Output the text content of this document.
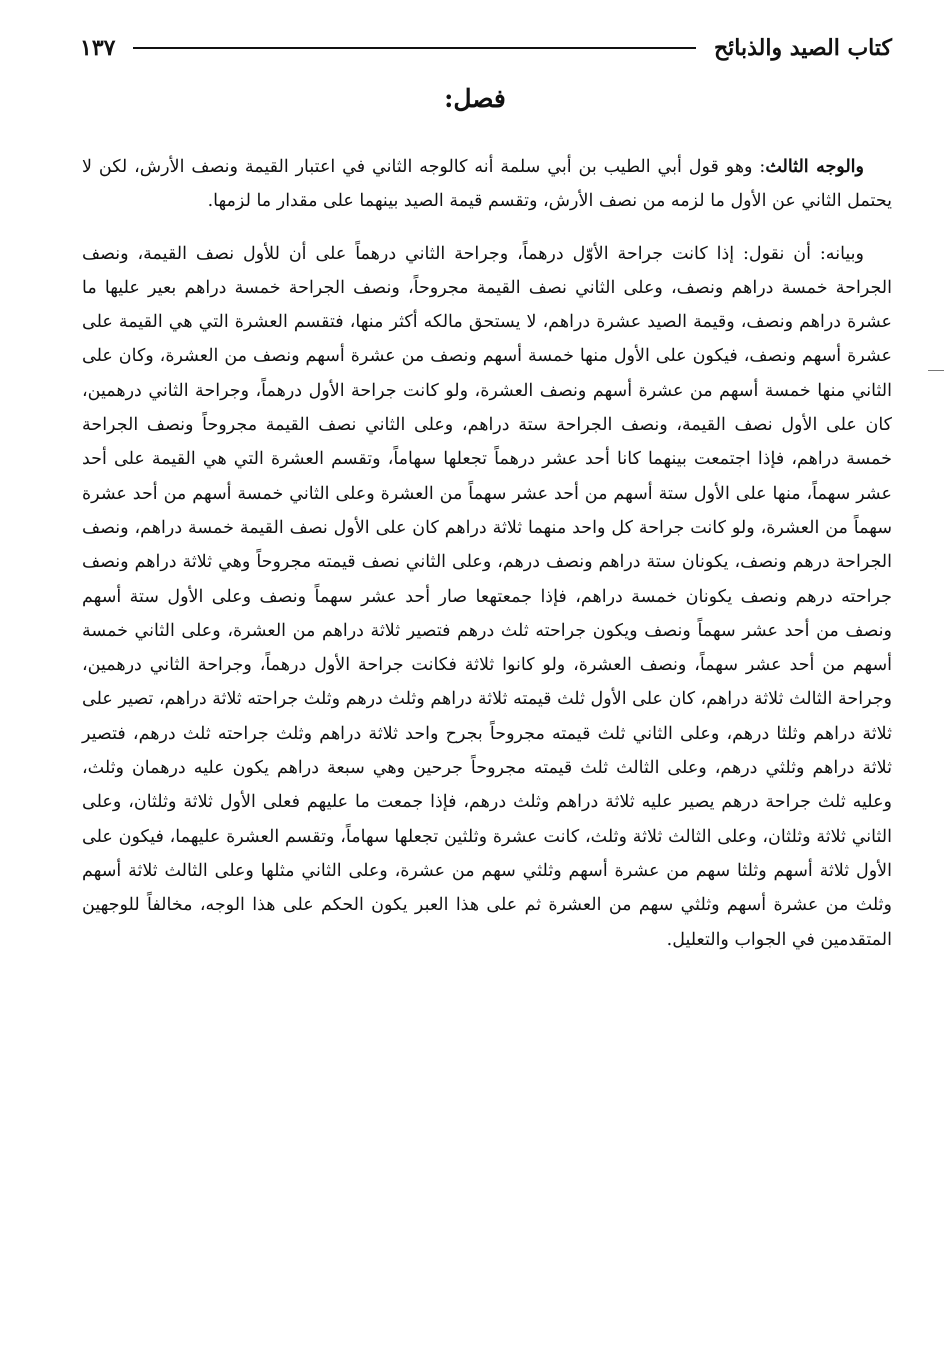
كتاب الصيد والذبائح
١٣٧
فصل:

والوجه الثالث: وهو قول أبي الطيب بن أبي سلمة أنه كالوجه الثاني في اعتبار القيمة ونصف الأرش، لكن لا يحتمل الثاني عن الأول ما لزمه من نصف الأرش، وتقسم قيمة الصيد بينهما على مقدار ما لزمها.

وبيانه: أن نقول: إذا كانت جراحة الأوّل درهماً، وجراحة الثاني درهماً على أن للأول نصف القيمة، ونصف الجراحة خمسة دراهم ونصف، وعلى الثاني نصف القيمة مجروحاً، ونصف الجراحة خمسة دراهم بعير عليها ما عشرة دراهم ونصف، وقيمة الصيد عشرة دراهم، لا يستحق مالكه أكثر منها، فتقسم العشرة التي هي القيمة على عشرة أسهم ونصف، فيكون على الأول منها خمسة أسهم ونصف من عشرة أسهم ونصف من العشرة، وكان على الثاني منها خمسة أسهم من عشرة أسهم ونصف العشرة، ولو كانت جراحة الأول درهماً، وجراحة الثاني درهمين، كان على الأول نصف القيمة، ونصف الجراحة ستة دراهم، وعلى الثاني نصف القيمة مجروحاً ونصف الجراحة خمسة دراهم، فإذا اجتمعت بينهما كانا أحد عشر درهماً تجعلها سهاماً، وتقسم العشرة التي هي القيمة على أحد عشر سهماً، منها على الأول ستة أسهم من أحد عشر سهماً من العشرة وعلى الثاني خمسة أسهم من أحد عشرة سهماً من العشرة، ولو كانت جراحة كل واحد منهما ثلاثة دراهم كان على الأول نصف القيمة خمسة دراهم، ونصف الجراحة درهم ونصف، يكونان ستة دراهم ونصف درهم، وعلى الثاني نصف قيمته مجروحاً وهي ثلاثة دراهم ونصف جراحته درهم ونصف يكونان خمسة دراهم، فإذا جمعتهعا صار أحد عشر سهماً ونصف وعلى الأول ستة أسهم ونصف من أحد عشر سهماً ونصف ويكون جراحته ثلث درهم فتصير ثلاثة دراهم من العشرة، وعلى الثاني خمسة أسهم من أحد عشر سهماً، ونصف العشرة، ولو كانوا ثلاثة فكانت جراحة الأول درهماً، وجراحة الثاني درهمين، وجراحة الثالث ثلاثة دراهم، كان على الأول ثلث قيمته ثلاثة دراهم وثلث درهم وثلث جراحته ثلاثة دراهم، تصير على ثلاثة دراهم وثلثا درهم، وعلى الثاني ثلث قيمته مجروحاً بجرح واحد ثلاثة دراهم وثلث جراحته ثلث درهم، فتصير ثلاثة دراهم وثلثي درهم، وعلى الثالث ثلث قيمته مجروحاً جرحين وهي سبعة دراهم يكون عليه درهمان وثلث، وعليه ثلث جراحة درهم يصير عليه ثلاثة دراهم وثلث درهم، فإذا جمعت ما عليهم فعلى الأول ثلاثة وثلثان، وعلى الثاني ثلاثة وثلثان، وعلى الثالث ثلاثة وثلث، كانت عشرة وثلثين تجعلها سهاماً، وتقسم العشرة عليهما، فيكون على الأول ثلاثة أسهم وثلثا سهم من عشرة أسهم وثلثي سهم من عشرة، وعلى الثاني مثلها وعلى الثالث ثلاثة أسهم وثلث من عشرة أسهم وثلثي سهم من العشرة ثم على هذا العبر يكون الحكم على هذا الوجه، مخالفاً للوجهين المتقدمين في الجواب والتعليل.
